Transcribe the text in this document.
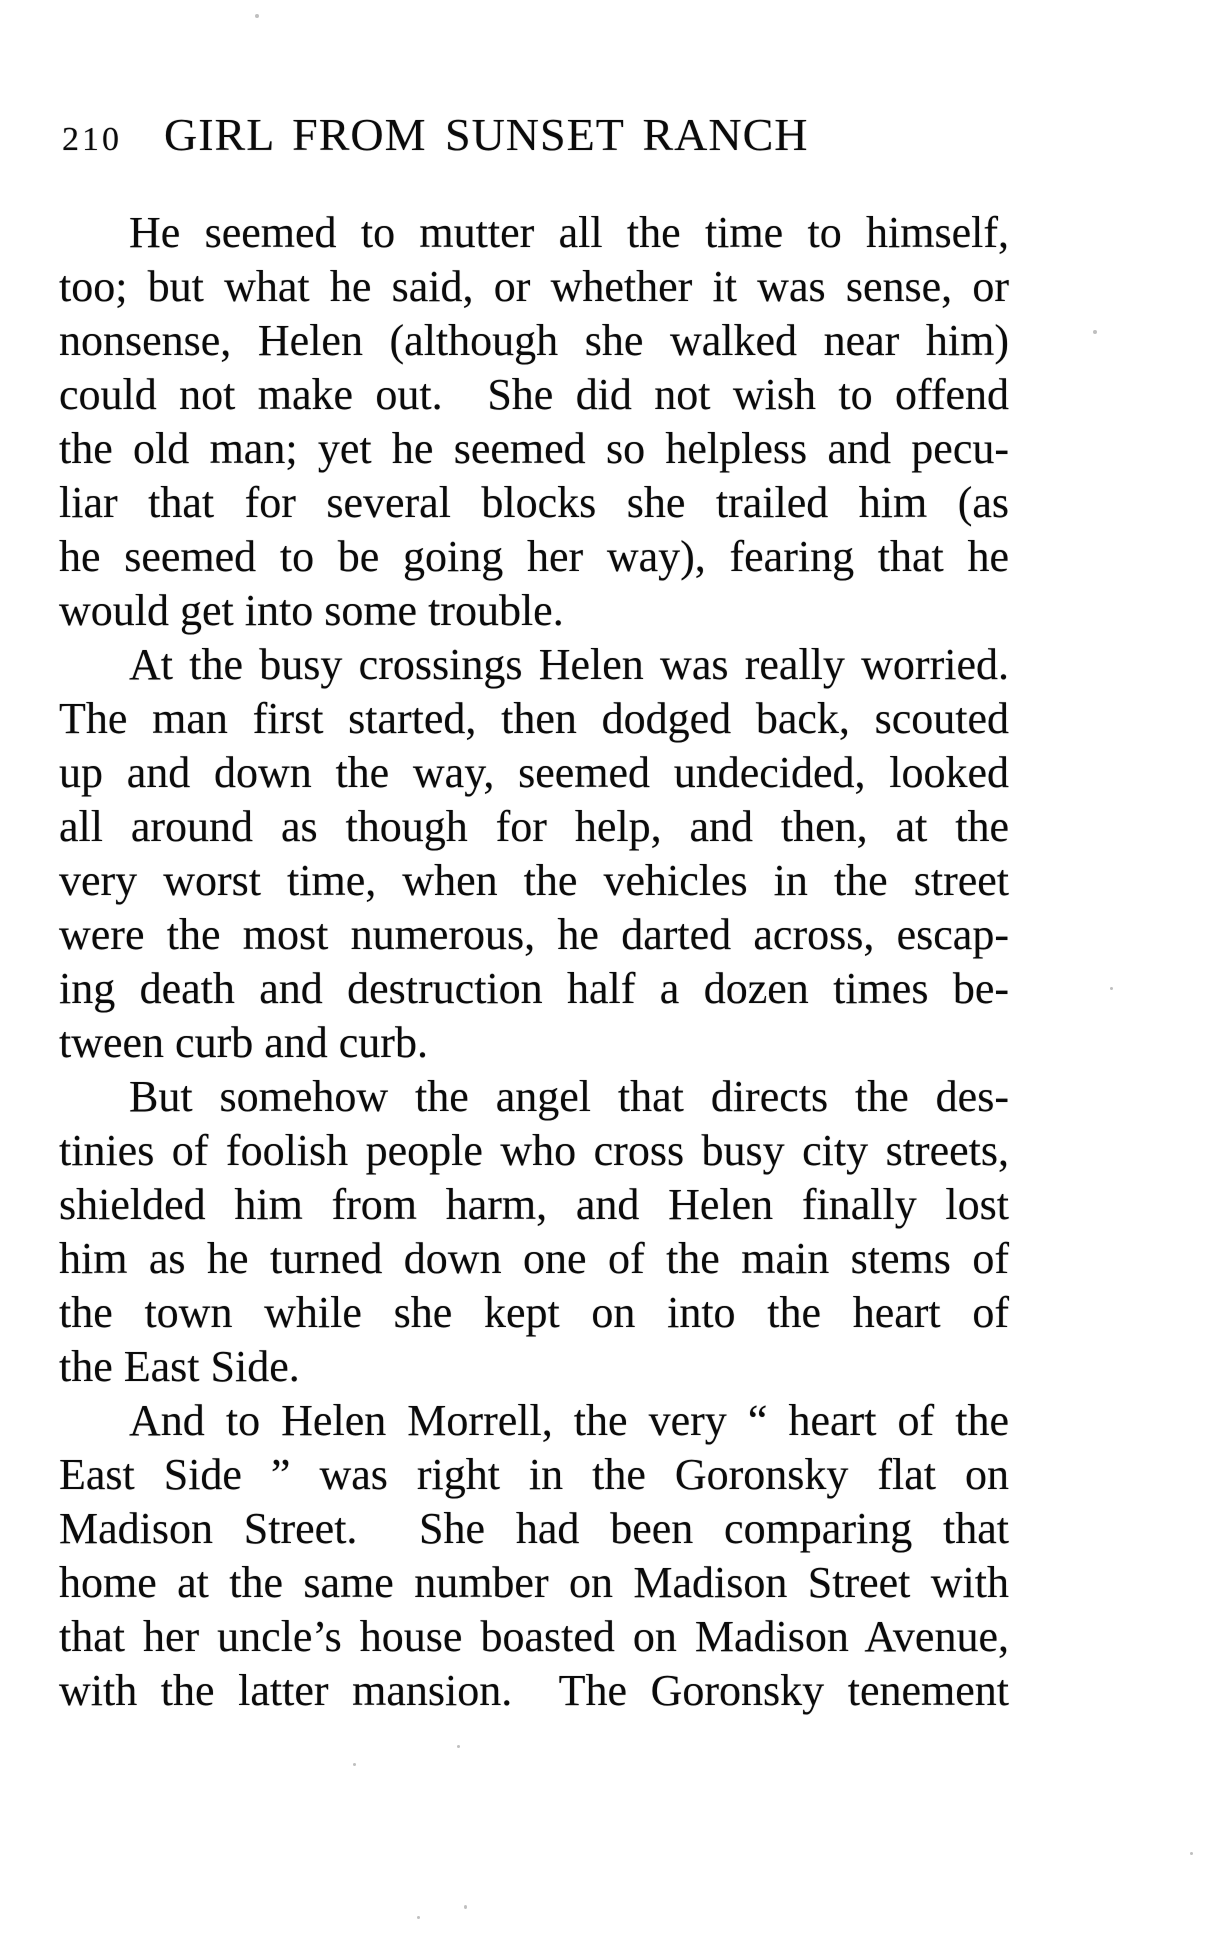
210 GIRL FROM SUNSET RANCH
He seemed to mutter all the time to himself,
too; but what he said, or whether it was sense, or
nonsense, Helen (although she walked near him)
could not make out.  She did not wish to offend
the old man; yet he seemed so helpless and pecu-
liar that for several blocks she trailed him (as
he seemed to be going her way), fearing that he
would get into some trouble.
At the busy crossings Helen was really worried.
The man first started, then dodged back, scouted
up and down the way, seemed undecided, looked
all around as though for help, and then, at the
very worst time, when the vehicles in the street
were the most numerous, he darted across, escap-
ing death and destruction half a dozen times be-
tween curb and curb.
But somehow the angel that directs the des-
tinies of foolish people who cross busy city streets,
shielded him from harm, and Helen finally lost
him as he turned down one of the main stems of
the town while she kept on into the heart of
the East Side.
And to Helen Morrell, the very “ heart of the
East Side ” was right in the Goronsky flat on
Madison Street.  She had been comparing that
home at the same number on Madison Street with
that her uncle’s house boasted on Madison Avenue,
with the latter mansion.  The Goronsky tenement
